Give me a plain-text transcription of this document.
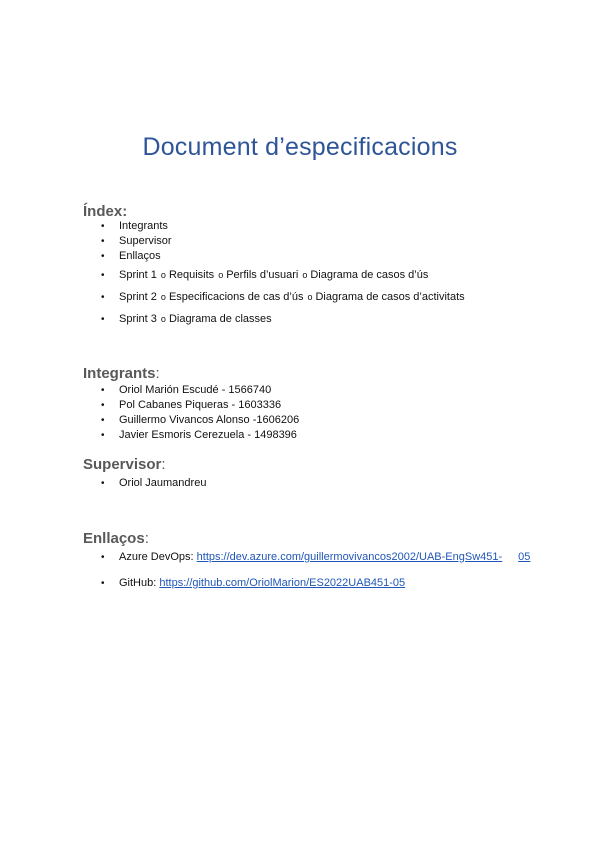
Document d’especificacions
Índex:
• Integrants
• Supervisor
• Enllaços
• Sprint 1 o Requisits o Perfils d’usuari o Diagrama de casos d’ús
• Sprint 2 o Especificacions de cas d’ús o Diagrama de casos d’activitats
• Sprint 3 o Diagrama de classes
Integrants:
• Oriol Marión Escudé - 1566740
• Pol Cabanes Piqueras - 1603336
• Guillermo Vivancos Alonso -1606206
• Javier Esmoris Cerezuela - 1498396
Supervisor:
• Oriol Jaumandreu
Enllaços:
• Azure DevOps: https://dev.azure.com/guillermovivancos2002/UAB-EngSw451- 05
• GitHub: https://github.com/OriolMarion/ES2022UAB451-05
